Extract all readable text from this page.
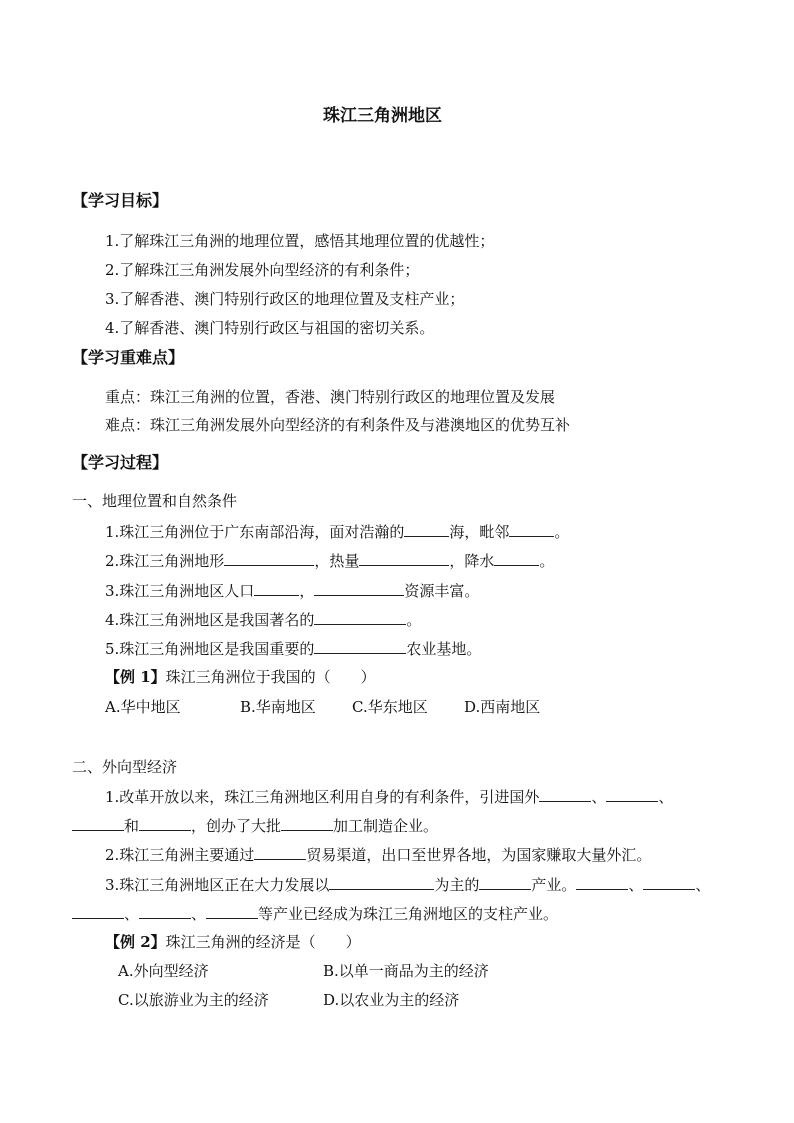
珠江三角洲地区
【学习目标】
1.了解珠江三角洲的地理位置，感悟其地理位置的优越性；
2.了解珠江三角洲发展外向型经济的有利条件；
3.了解香港、澳门特别行政区的地理位置及支柱产业；
4.了解香港、澳门特别行政区与祖国的密切关系。
【学习重难点】
重点：珠江三角洲的位置，香港、澳门特别行政区的地理位置及发展
难点：珠江三角洲发展外向型经济的有利条件及与港澳地区的优势互补
【学习过程】
一、地理位置和自然条件
1.珠江三角洲位于广东南部沿海，面对浩瀚的	海，毗邻	。
2.珠江三角洲地形	，热量	，降水	。
3.珠江三角洲地区人口	，	资源丰富。
4.珠江三角洲地区是我国著名的	。
5.珠江三角洲地区是我国重要的	农业基地。
【例 1】珠江三角洲位于我国的（　　）
A.华中地区	B.华南地区 C.华东地区 D.西南地区
二、外向型经济
1.改革开放以来，珠江三角洲地区利用自身的有利条件，引进国外	、	、
和	，创办了大批	加工制造企业。
2.珠江三角洲主要通过	贸易渠道，出口至世界各地，为国家赚取大量外汇。
3.珠江三角洲地区正在大力发展以	为主的	产业。	、	、
、	、	等产业已经成为珠江三角洲地区的支柱产业。
【例 2】珠江三角洲的经济是（　　）
A.外向型经济	B.以单一商品为主的经济
C.以旅游业为主的经济	D.以农业为主的经济
